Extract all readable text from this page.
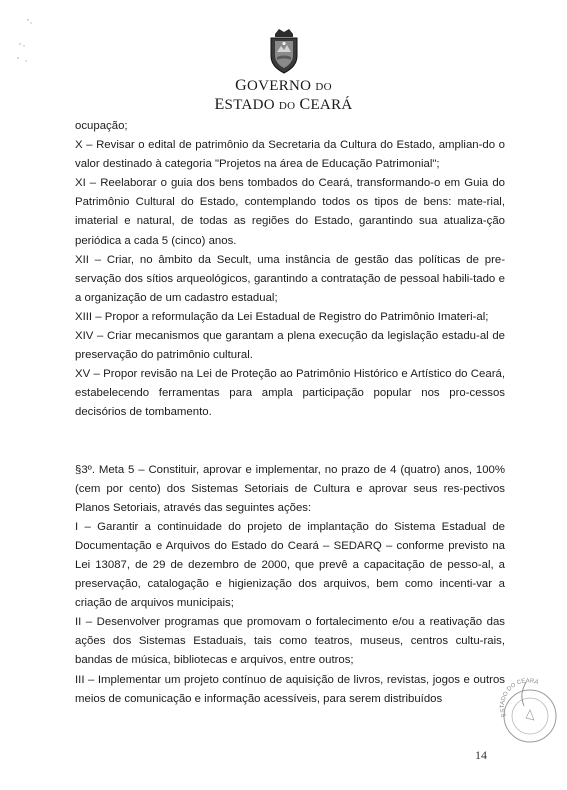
GOVERNO DO
ESTADO DO CEARÁ

ocupação;

X – Revisar o edital de patrimônio da Secretaria da Cultura do Estado, amplian-do o valor destinado à categoria "Projetos na área de Educação Patrimonial";

XI – Reelaborar o guia dos bens tombados do Ceará, transformando-o em Guia do Patrimônio Cultural do Estado, contemplando todos os tipos de bens: mate-rial, imaterial e natural, de todas as regiões do Estado, garantindo sua atualiza-ção periódica a cada 5 (cinco) anos.

XII – Criar, no âmbito da Secult, uma instância de gestão das políticas de pre-servação dos sítios arqueológicos, garantindo a contratação de pessoal habili-tado e a organização de um cadastro estadual;

XIII – Propor a reformulação da Lei Estadual de Registro do Patrimônio Imateri-al;

XIV – Criar mecanismos que garantam a plena execução da legislação estadu-al de preservação do patrimônio cultural.

XV – Propor revisão na Lei de Proteção ao Patrimônio Histórico e Artístico do Ceará, estabelecendo ferramentas para ampla participação popular nos pro-cessos decisórios de tombamento.

§3º. Meta 5 – Constituir, aprovar e implementar, no prazo de 4 (quatro) anos, 100% (cem por cento) dos Sistemas Setoriais de Cultura e aprovar seus res-pectivos Planos Setoriais, através das seguintes ações:

I – Garantir a continuidade do projeto de implantação do Sistema Estadual de Documentação e Arquivos do Estado do Ceará – SEDARQ – conforme previsto na Lei 13087, de 29 de dezembro de 2000, que prevê a capacitação de pesso-al, a preservação, catalogação e higienização dos arquivos, bem como incenti-var a criação de arquivos municipais;

II – Desenvolver programas que promovam o fortalecimento e/ou a reativação das ações dos Sistemas Estaduais, tais como teatros, museus, centros cultu-rais, bandas de música, bibliotecas e arquivos, entre outros;

III – Implementar um projeto contínuo de aquisição de livros, revistas, jogos e outros meios de comunicação e informação acessíveis, para serem distribuídos

ESTADO DO CEARÁ
14
